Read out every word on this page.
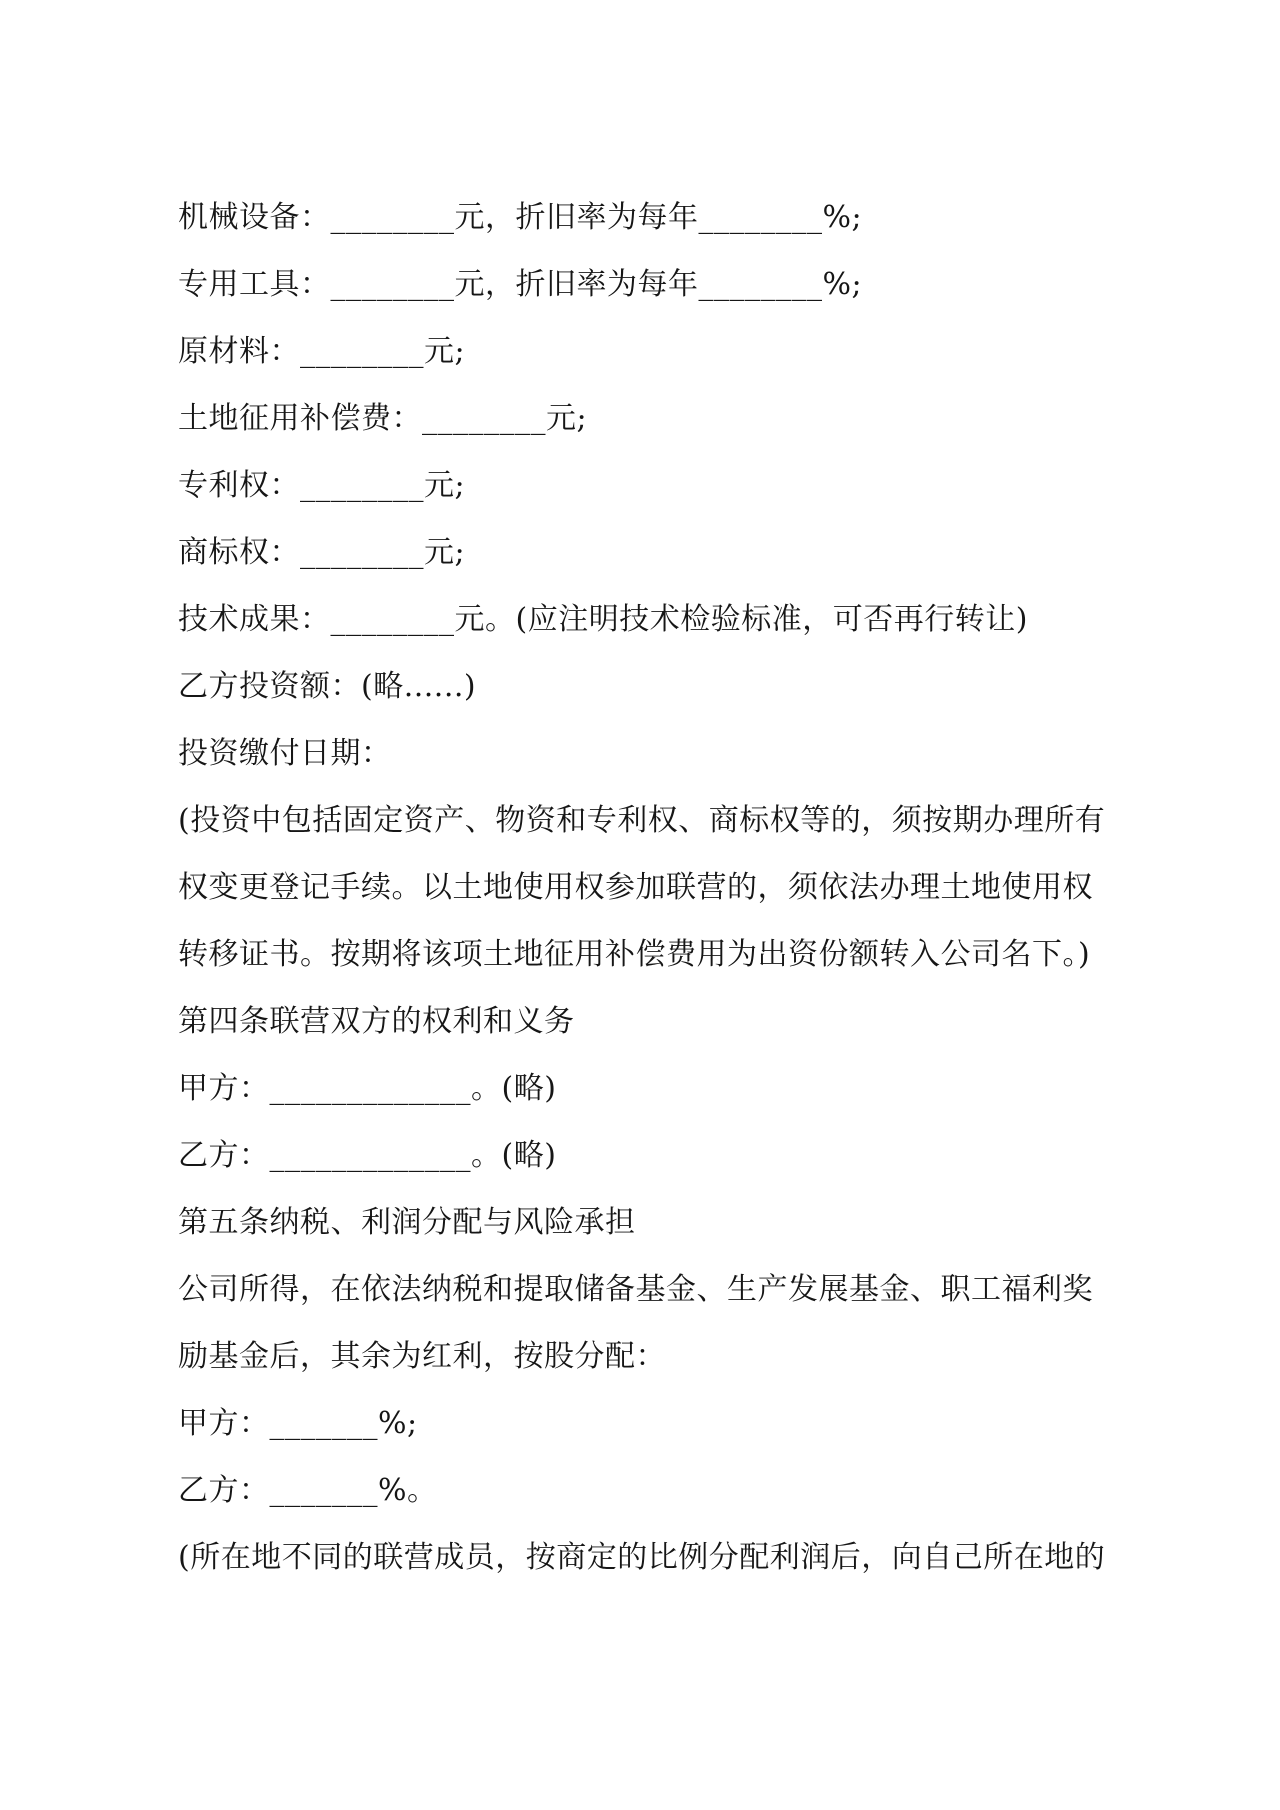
机械设备：________元，折旧率为每年________%;

专用工具：________元，折旧率为每年________%;

原材料：________元;

土地征用补偿费：________元;

专利权：________元;

商标权：________元;

技术成果：________元。(应注明技术检验标准，可否再行转让)

乙方投资额：(略......)

投资缴付日期：

(投资中包括固定资产、物资和专利权、商标权等的，须按期办理所有

权变更登记手续。以土地使用权参加联营的，须依法办理土地使用权

转移证书。按期将该项土地征用补偿费用为出资份额转入公司名下。)

第四条联营双方的权利和义务

甲方：_____________。(略)

乙方：_____________。(略)

第五条纳税、利润分配与风险承担

公司所得，在依法纳税和提取储备基金、生产发展基金、职工福利奖

励基金后，其余为红利，按股分配：

甲方：_______%;

乙方：_______%。

(所在地不同的联营成员，按商定的比例分配利润后，向自己所在地的
